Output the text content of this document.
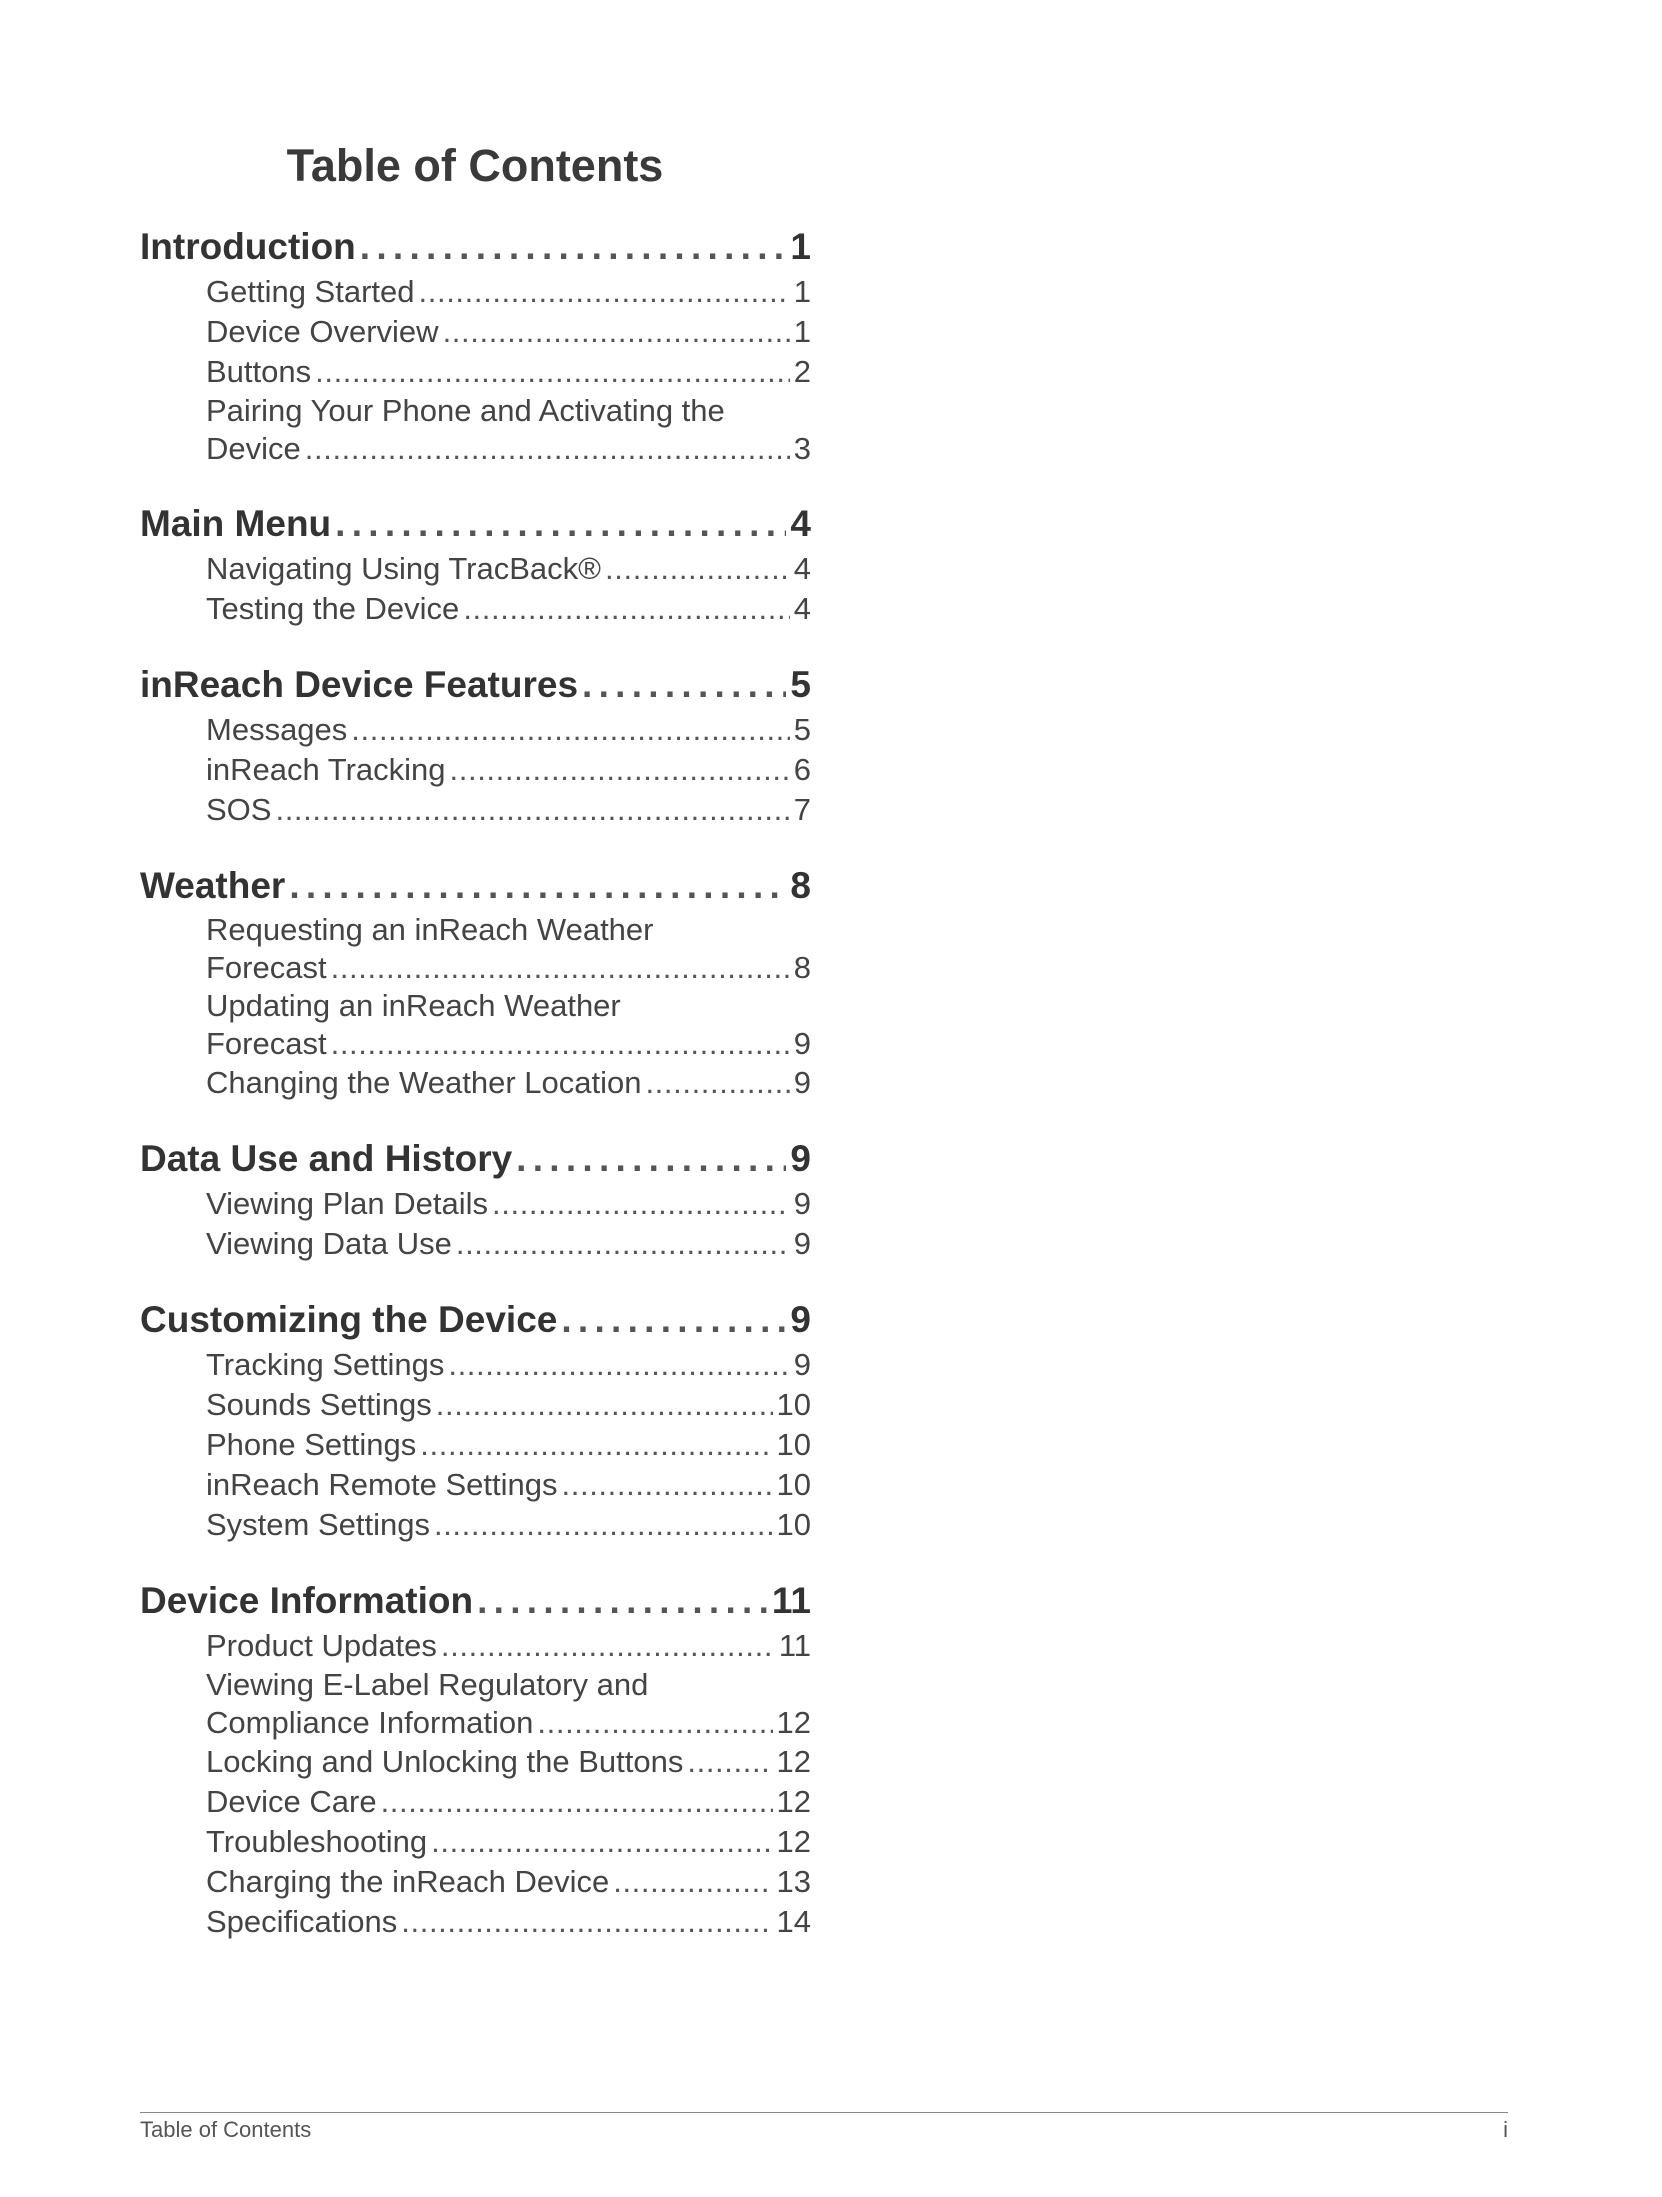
Table of Contents
Introduction . . .	1
Getting Started . . .	1
Device Overview . . .	1
Buttons . . .	2
Pairing Your Phone and Activating the
Device . . .	3
Main Menu . . .	4
Navigating Using TracBack® . . .	4
Testing the Device . . .	4
inReach Device Features . . .	5
Messages . . .	5
inReach Tracking . . .	6
SOS . . .	7
Weather . . .	8
Requesting an inReach Weather
Forecast . . .	8
Updating an inReach Weather
Forecast . . .	9
Changing the Weather Location . . .	9
Data Use and History . . .	9
Viewing Plan Details . . .	9
Viewing Data Use . . .	9
Customizing the Device . . .	9
Tracking Settings . . .	9
Sounds Settings . . .	10
Phone Settings . . .	10
inReach Remote Settings . . .	10
System Settings . . .	10
Device Information . . .	11
Product Updates . . .	11
Viewing E-Label Regulatory and
Compliance Information . . .	12
Locking and Unlocking the Buttons . . .	12
Device Care . . .	12
Troubleshooting . . .	12
Charging the inReach Device . . .	13
Specifications . . .	14
Table of Contents	i
